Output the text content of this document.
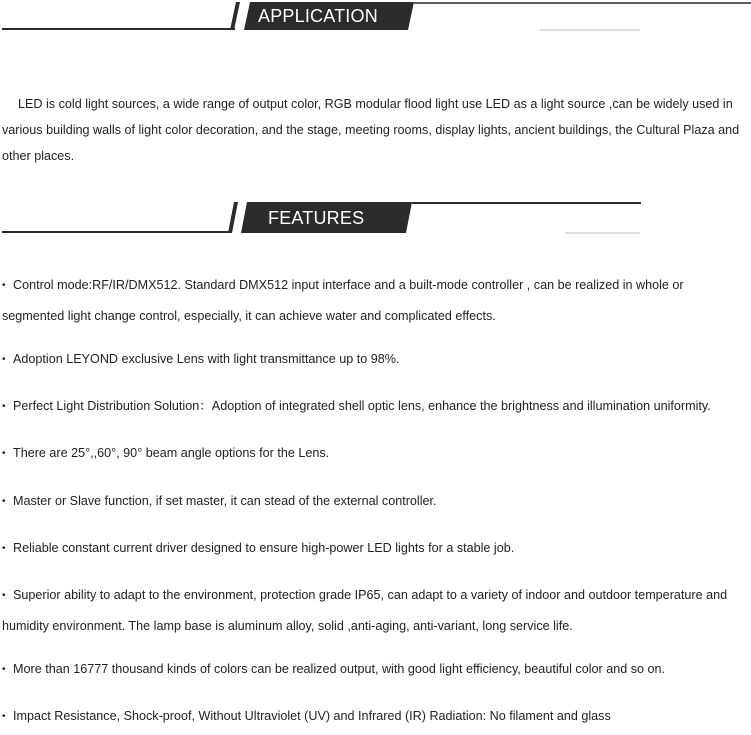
APPLICATION

LED is cold light sources, a wide range of output color, RGB modular flood light use LED as a light source ,can be widely used in various building walls of light color decoration, and the stage, meeting rooms, display lights, ancient buildings, the Cultural Plaza and other places.

FEATURES

• Control mode:RF/IR/DMX512. Standard DMX512 input interface and a built-mode controller , can be realized in whole or segmented light change control, especially, it can achieve water and complicated effects.

• Adoption LEYOND exclusive Lens with light transmittance up to 98%.

• Perfect Light Distribution Solution：Adoption of integrated shell optic lens, enhance the brightness and illumination uniformity.

• There are 25°,,60°, 90° beam angle options for the Lens.

• Master or Slave function, if set master, it can stead of the external controller.

• Reliable constant current driver designed to ensure high-power LED lights for a stable job.

• Superior ability to adapt to the environment, protection grade IP65, can adapt to a variety of indoor and outdoor temperature and humidity environment. The lamp base is aluminum alloy, solid ,anti-aging, anti-variant, long service life.

• More than 16777 thousand kinds of colors can be realized output, with good light efficiency, beautiful color and so on.

• Impact Resistance, Shock-proof, Without Ultraviolet (UV) and Infrared (IR) Radiation: No filament and glass
